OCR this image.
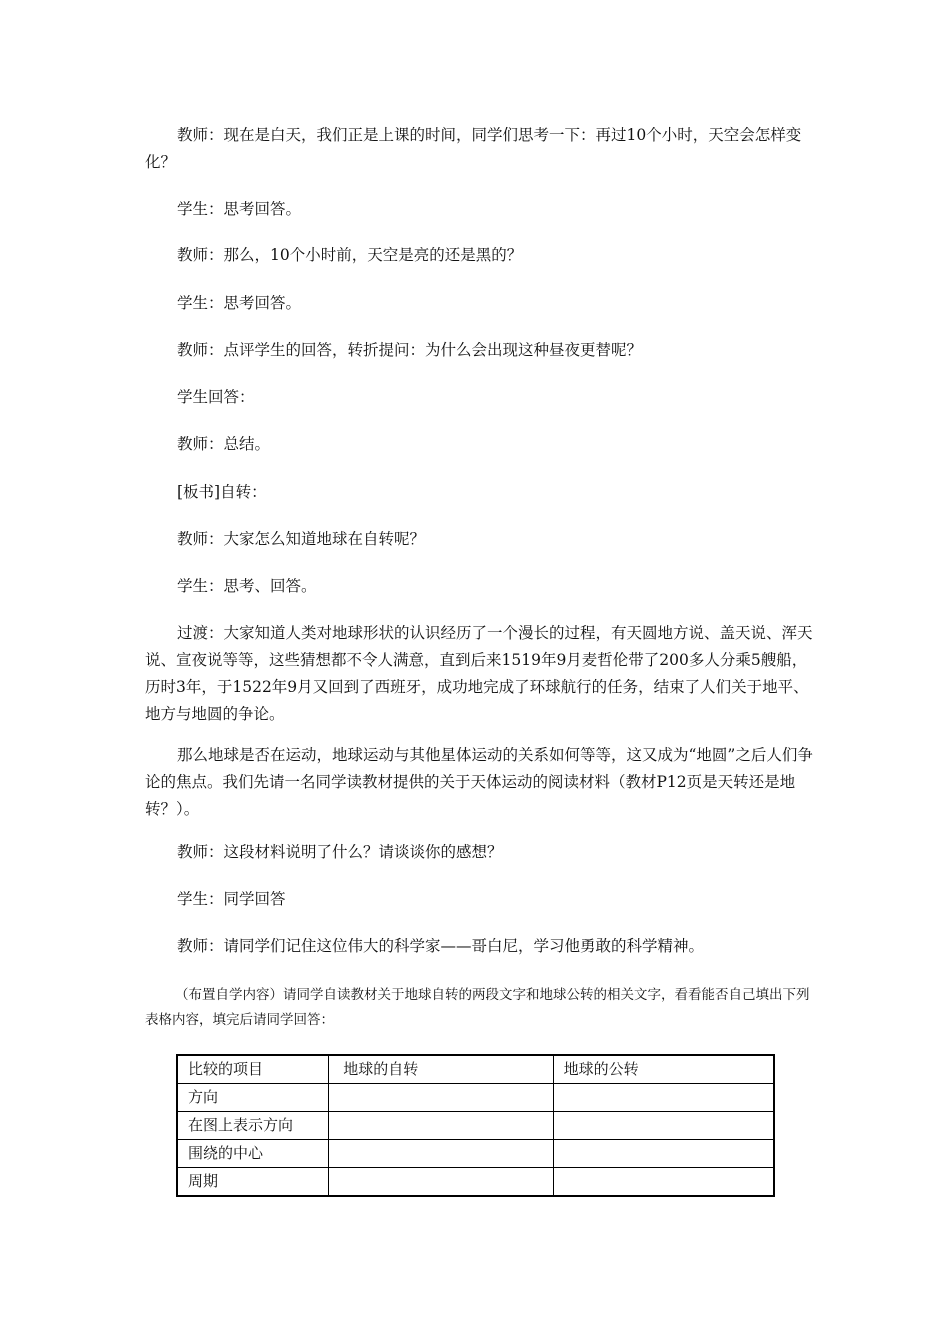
教师：现在是白天，我们正是上课的时间，同学们思考一下：再过10个小时，天空会怎样变化？

学生：思考回答。

教师：那么，10个小时前，天空是亮的还是黑的？

学生：思考回答。

教师：点评学生的回答，转折提问：为什么会出现这种昼夜更替呢？

学生回答：

教师：总结。

[板书]自转：

教师：大家怎么知道地球在自转呢？

学生：思考、回答。

过渡：大家知道人类对地球形状的认识经历了一个漫长的过程，有天圆地方说、盖天说、浑天说、宣夜说等等，这些猜想都不令人满意，直到后来1519年9月麦哲伦带了200多人分乘5艘船，历时3年，于1522年9月又回到了西班牙，成功地完成了环球航行的任务，结束了人们关于地平、地方与地圆的争论。

那么地球是否在运动，地球运动与其他星体运动的关系如何等等，这又成为“地圆”之后人们争论的焦点。我们先请一名同学读教材提供的关于天体运动的阅读材料（教材P12页是天转还是地转？）。

教师：这段材料说明了什么？请谈谈你的感想？

学生：同学回答

教师：请同学们记住这位伟大的科学家——哥白尼，学习他勇敢的科学精神。

（布置自学内容）请同学自读教材关于地球自转的两段文字和地球公转的相关文字，看看能否自己填出下列表格内容，填完后请同学回答：

比较的项目	地球的自转	地球的公转
方向		
在图上表示方向		
围绕的中心		
周期		
